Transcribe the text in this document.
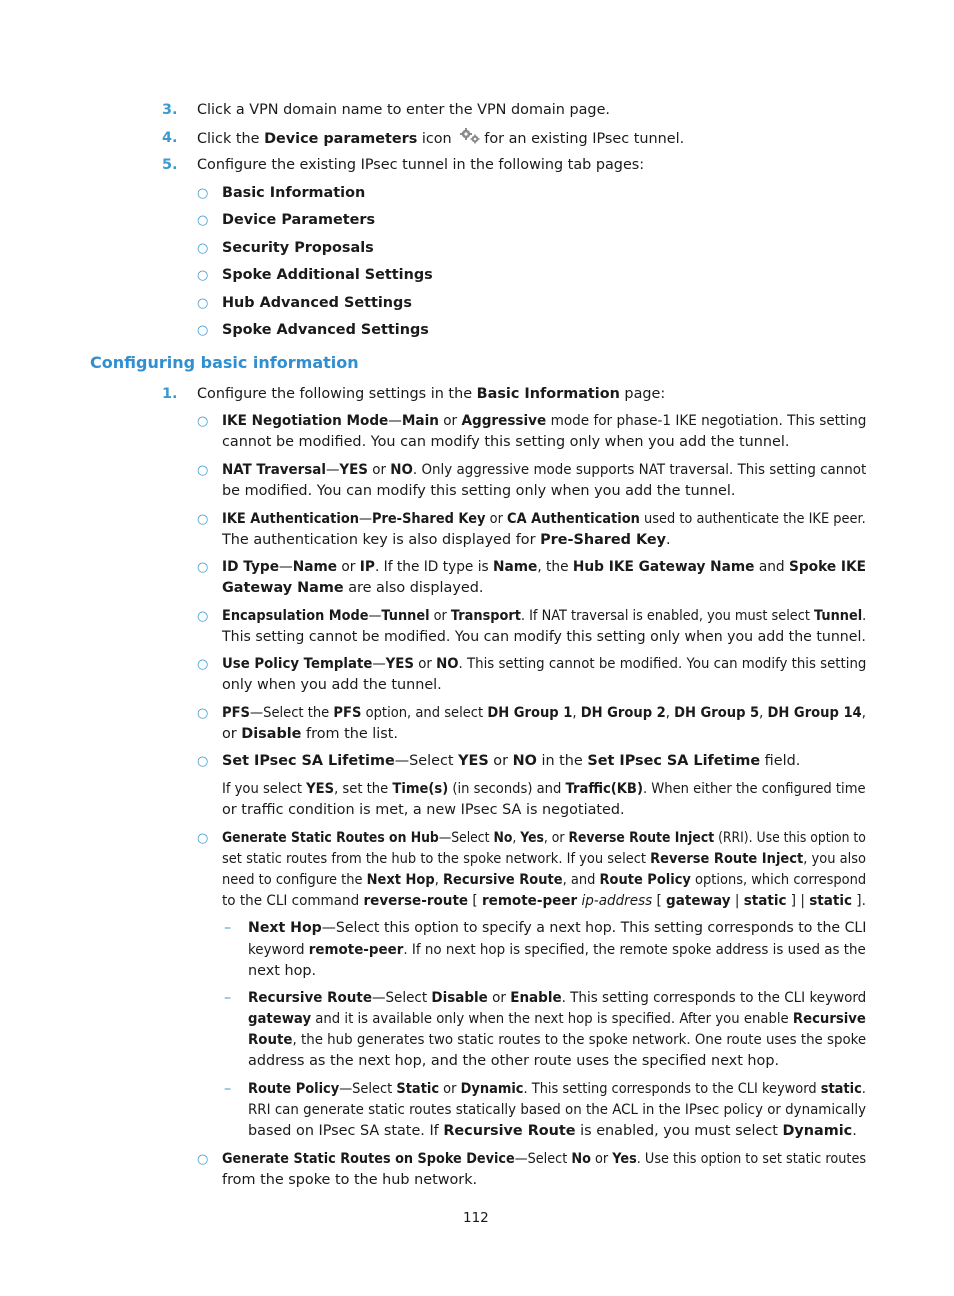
3. Click a VPN domain name to enter the VPN domain page.
4. Click the Device parameters icon for an existing IPsec tunnel.
5. Configure the existing IPsec tunnel in the following tab pages:
○ Basic Information
○ Device Parameters
○ Security Proposals
○ Spoke Additional Settings
○ Hub Advanced Settings
○ Spoke Advanced Settings
Configuring basic information
1. Configure the following settings in the Basic Information page:
○ IKE Negotiation Mode—Main or Aggressive mode for phase-1 IKE negotiation. This setting
cannot be modified. You can modify this setting only when you add the tunnel.
○ NAT Traversal—YES or NO. Only aggressive mode supports NAT traversal. This setting cannot
be modified. You can modify this setting only when you add the tunnel.
○ IKE Authentication—Pre-Shared Key or CA Authentication used to authenticate the IKE peer.
The authentication key is also displayed for Pre-Shared Key.
○ ID Type—Name or IP. If the ID type is Name, the Hub IKE Gateway Name and Spoke IKE
Gateway Name are also displayed.
○ Encapsulation Mode—Tunnel or Transport. If NAT traversal is enabled, you must select Tunnel.
This setting cannot be modified. You can modify this setting only when you add the tunnel.
○ Use Policy Template—YES or NO. This setting cannot be modified. You can modify this setting
only when you add the tunnel.
○ PFS—Select the PFS option, and select DH Group 1, DH Group 2, DH Group 5, DH Group 14,
or Disable from the list.
○ Set IPsec SA Lifetime—Select YES or NO in the Set IPsec SA Lifetime field.
If you select YES, set the Time(s) (in seconds) and Traffic(KB). When either the configured time
or traffic condition is met, a new IPsec SA is negotiated.
○ Generate Static Routes on Hub—Select No, Yes, or Reverse Route Inject (RRI). Use this option to
set static routes from the hub to the spoke network. If you select Reverse Route Inject, you also
need to configure the Next Hop, Recursive Route, and Route Policy options, which correspond
to the CLI command reverse-route [ remote-peer ip-address [ gateway | static ] | static ].
– Next Hop—Select this option to specify a next hop. This setting corresponds to the CLI
keyword remote-peer. If no next hop is specified, the remote spoke address is used as the
next hop.
– Recursive Route—Select Disable or Enable. This setting corresponds to the CLI keyword
gateway and it is available only when the next hop is specified. After you enable Recursive
Route, the hub generates two static routes to the spoke network. One route uses the spoke
address as the next hop, and the other route uses the specified next hop.
– Route Policy—Select Static or Dynamic. This setting corresponds to the CLI keyword static.
RRI can generate static routes statically based on the ACL in the IPsec policy or dynamically
based on IPsec SA state. If Recursive Route is enabled, you must select Dynamic.
○ Generate Static Routes on Spoke Device—Select No or Yes. Use this option to set static routes
from the spoke to the hub network.
112
